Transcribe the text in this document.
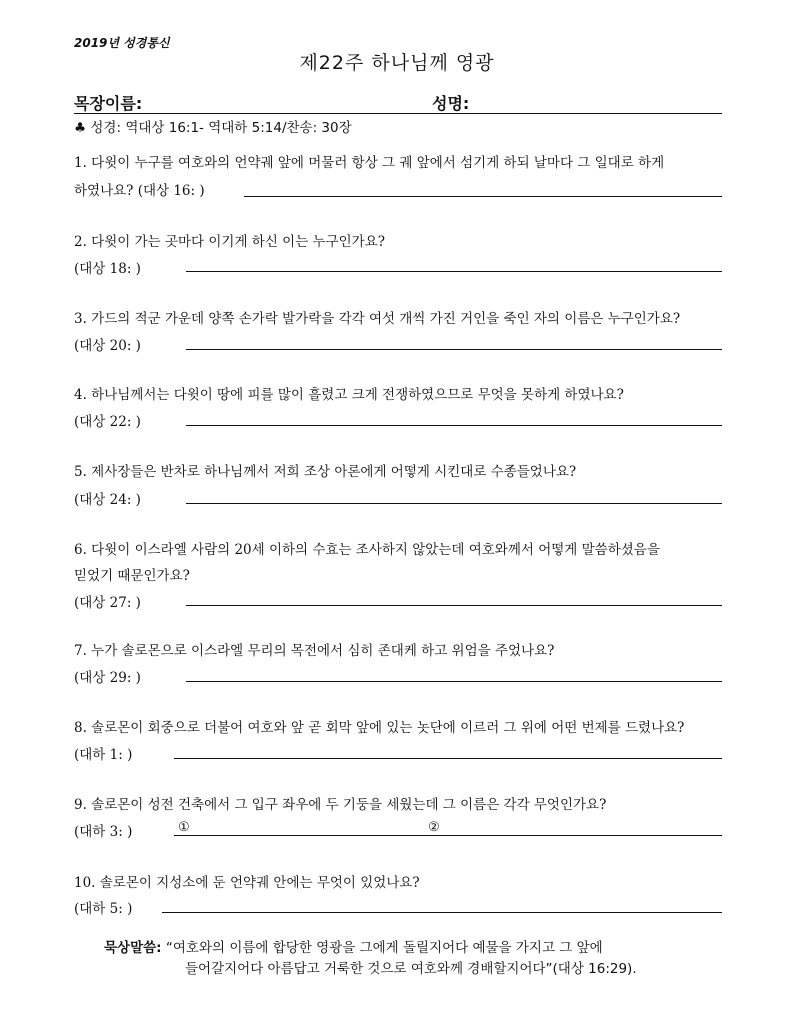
2019년 성경통신
제22주 하나님께 영광
목장이름:	성명:
♣ 성경: 역대상 16:1- 역대하 5:14/찬송: 30장
1. 다윗이 누구를 여호와의 언약궤 앞에 머물러 항상 그 궤 앞에서 섬기게 하되 날마다 그 일대로 하게
하였나요? (대상 16: )
2. 다윗이 가는 곳마다 이기게 하신 이는 누구인가요?
(대상 18: )
3. 가드의 적군 가운데 양쪽 손가락 발가락을 각각 여섯 개씩 가진 거인을 죽인 자의 이름은 누구인가요?
(대상 20: )
4. 하나님께서는 다윗이 땅에 피를 많이 흘렸고 크게 전쟁하였으므로 무엇을 못하게 하였나요?
(대상 22: )
5. 제사장들은 반차로 하나님께서 저희 조상 아론에게 어떻게 시킨대로 수종들었나요?
(대상 24: )
6. 다윗이 이스라엘 사람의 20세 이하의 수효는 조사하지 않았는데 여호와께서 어떻게 말씀하셨음을
믿었기 때문인가요?
(대상 27: )
7. 누가 솔로몬으로 이스라엘 무리의 목전에서 심히 존대케 하고 위엄을 주었나요?
(대상 29: )
8. 솔로몬이 회중으로 더불어 여호와 앞 곧 회막 앞에 있는 놋단에 이르러 그 위에 어떤 번제를 드렸나요?
(대하 1: )
9. 솔로몬이 성전 건축에서 그 입구 좌우에 두 기둥을 세웠는데 그 이름은 각각 무엇인가요?
(대하 3: )	①	②
10. 솔로몬이 지성소에 둔 언약궤 안에는 무엇이 있었나요?
(대하 5: )
묵상말씀: “여호와의 이름에 합당한 영광을 그에게 돌릴지어다 예물을 가지고 그 앞에
들어갈지어다 아름답고 거룩한 것으로 여호와께 경배할지어다”(대상 16:29).
